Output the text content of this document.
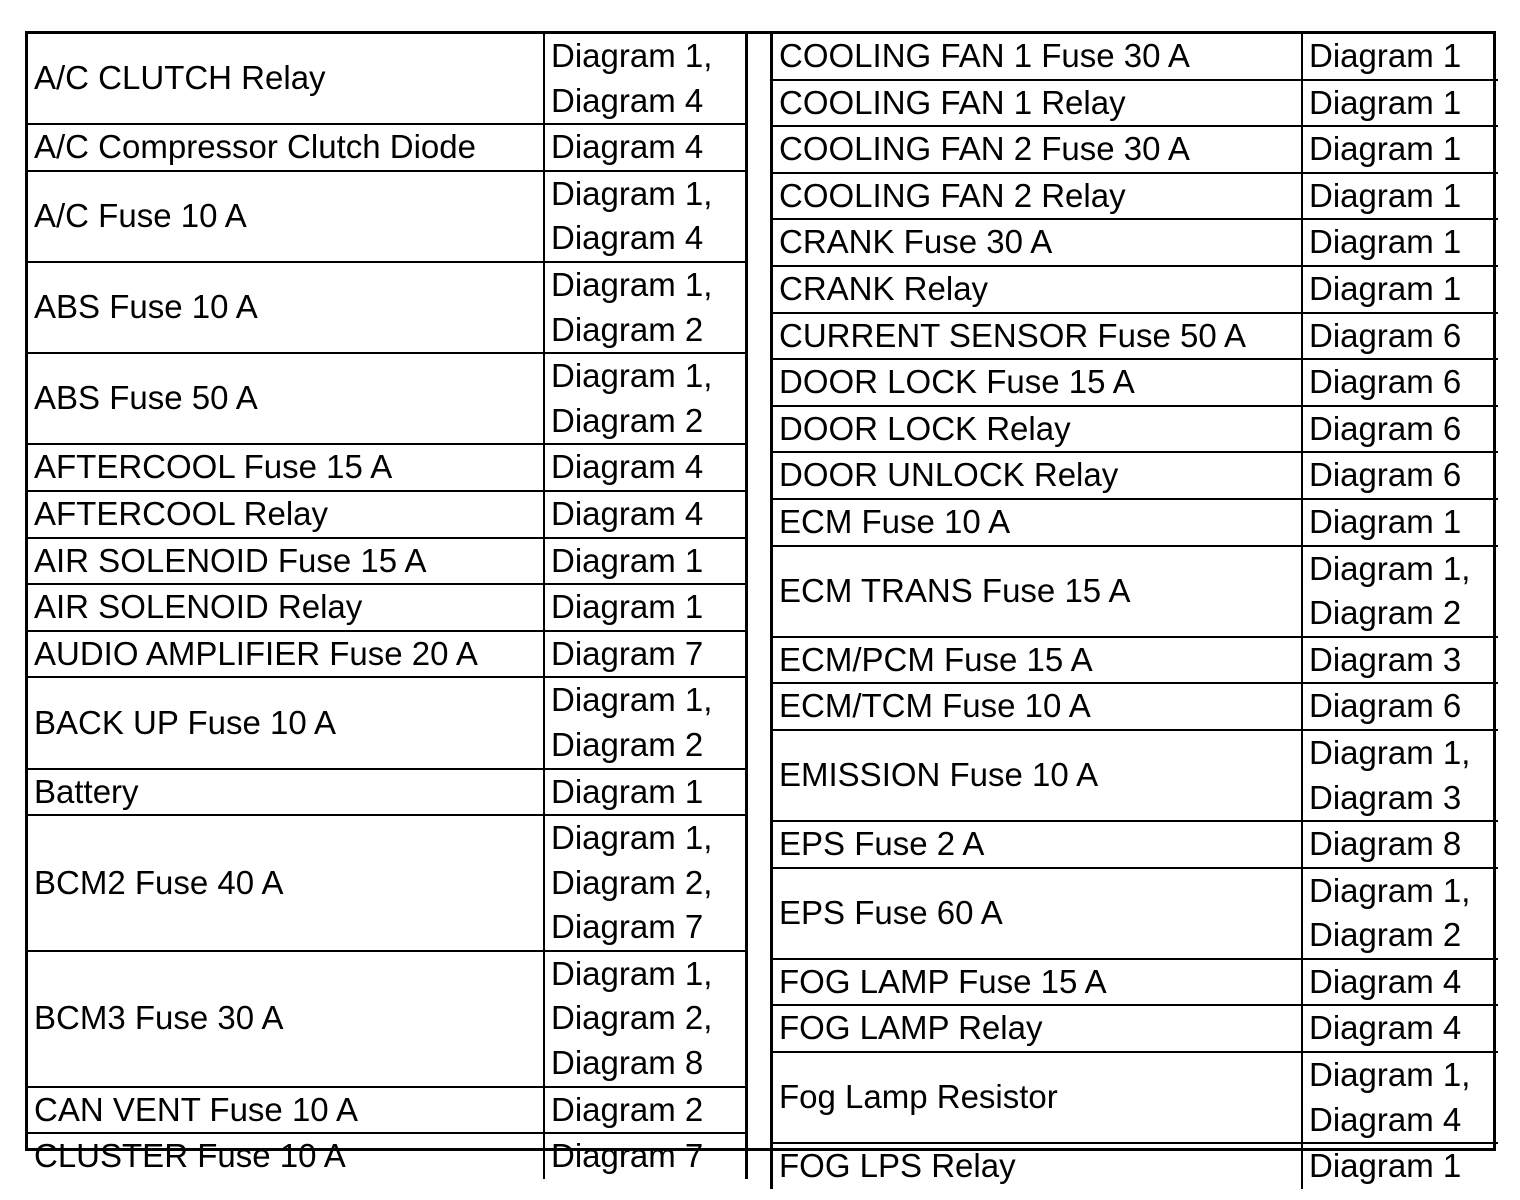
A/C CLUTCH Relay	Diagram 1,
Diagram 4
A/C Compressor Clutch Diode	Diagram 4
A/C Fuse 10 A	Diagram 1,
Diagram 4
ABS Fuse 10 A	Diagram 1,
Diagram 2
ABS Fuse 50 A	Diagram 1,
Diagram 2
AFTERCOOL Fuse 15 A	Diagram 4
AFTERCOOL Relay	Diagram 4
AIR SOLENOID Fuse 15 A	Diagram 1
AIR SOLENOID Relay	Diagram 1
AUDIO AMPLIFIER Fuse 20 A	Diagram 7
BACK UP Fuse 10 A	Diagram 1,
Diagram 2
Battery	Diagram 1
BCM2 Fuse 40 A	Diagram 1,
Diagram 2,
Diagram 7
BCM3 Fuse 30 A	Diagram 1,
Diagram 2,
Diagram 8
CAN VENT Fuse 10 A	Diagram 2
CLUSTER Fuse 10 A	Diagram 7
COOLING FAN 1 Fuse 30 A	Diagram 1
COOLING FAN 1 Relay	Diagram 1
COOLING FAN 2 Fuse 30 A	Diagram 1
COOLING FAN 2 Relay	Diagram 1
CRANK Fuse 30 A	Diagram 1
CRANK Relay	Diagram 1
CURRENT SENSOR Fuse 50 A	Diagram 6
DOOR LOCK Fuse 15 A	Diagram 6
DOOR LOCK Relay	Diagram 6
DOOR UNLOCK Relay	Diagram 6
ECM Fuse 10 A	Diagram 1
ECM TRANS Fuse 15 A	Diagram 1,
Diagram 2
ECM/PCM Fuse 15 A	Diagram 3
ECM/TCM Fuse 10 A	Diagram 6
EMISSION Fuse 10 A	Diagram 1,
Diagram 3
EPS Fuse 2 A	Diagram 8
EPS Fuse 60 A	Diagram 1,
Diagram 2
FOG LAMP Fuse 15 A	Diagram 4
FOG LAMP Relay	Diagram 4
Fog Lamp Resistor	Diagram 1,
Diagram 4
FOG LPS Relay	Diagram 1
